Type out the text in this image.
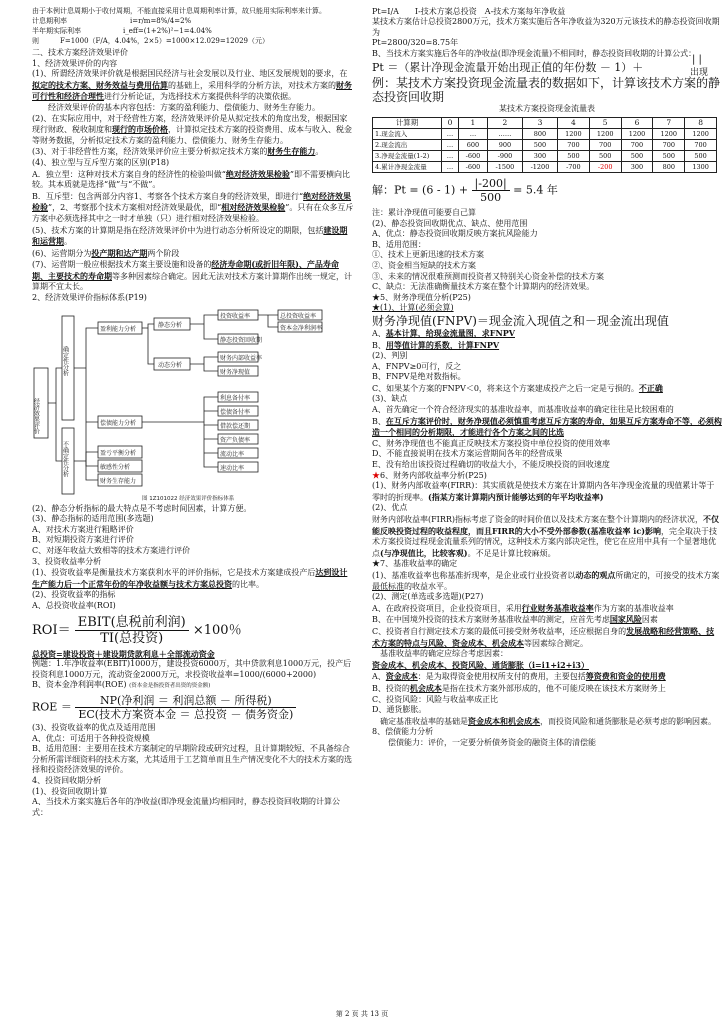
由于本例计息周期小于收付周期，不能直接采用计息周期利率计算，故只能用实际利率来计算。

计息期利率　　　　　　　　　i=r/m=8%/4=2%

半年期实际利率　　　　　　i_eff=(1+2%)²−1=4.04%

则　　　F=1000（F/A，4.04%，2×5）=1000×12.029=12029（元）

二、技术方案经济效果评价

1、经济效果评价的内容

(1)、所谓经济效果评价就是根据国民经济与社会发展以及行业、地区发展规划的要求，在拟定的技术方案、财务效益与费用估算的基础上，采用科学的分析方法，对技术方案的财务可行性和经济合理性进行分析论证，为选择技术方案提供科学的决策依据。

　　经济效果评价的基本内容包括：方案的盈利能力、偿债能力、财务生存能力。

(2)、在实际应用中，对于经营性方案，经济效果评价是从拟定技术的角度出发，根据国家现行财政、税收制度和现行的市场价格，计算拟定技术方案的投资费用、成本与收入、税金等财务数据，分析拟定技术方案的盈利能力、偿债能力、财务生存能力。

(3)、对于非经营性方案，经济效果评价应主要分析拟定技术方案的财务生存能力。

(4)、独立型与互斥型方案的区别(P18)

A．独立型：这种对技术方案自身的经济性的检验叫做“绝对经济效果检验”即不需要横向比较。其本质就是选择“做”与“不做”。

B．互斥型：包含两部分内容1、考察各个技术方案自身的经济效果，即进行“绝对经济效果检验”，2、考察那个技术方案相对经济效果最优，即“相对经济效果检验”。只有在众多互斥方案中必须选择其中之一时才单独（只）进行相对经济效果检验。

(5)、技术方案的计算期是指在经济效果评价中为进行动态分析所设定的期限，包括建设期和运营期。

(6)、运营期分为投产期和达产期两个阶段

(7)、运营期一般应根据技术方案主要设施和设备的经济寿命期(或折旧年限)、产品寿命期、主要技术的寿命期等多种因素综合确定。因此无法对技术方案计算期作出统一规定，计算期不宜太长。

2、经济效果评价指标体系(P19)

经济效果评价
确定性分析
不确定性分析
盈利能力分析
偿债能力分析
财务生存能力
盈亏平衡分析
敏感性分析
静态分析
动态分析
投资收益率
静态投资回收期
总投资收益率
资本金净利润率
财务内部收益率
财务净现值
利息备付率
偿债备付率
借款偿还期
资产负债率
流动比率
速动比率
图 1Z101022 经济效果评价指标体系

(2)、静态分析指标的最大特点是不考虑时间因素，计算方便。

(3)、静态指标的适用范围(多选题)

A、对技术方案进行粗略评价

B、对短期投资方案进行评价

C、对逐年收益大致相等的技术方案进行评价

3、投资收益率分析

(1)、投资收益率是衡量技术方案获利水平的评价指标，它是技术方案建成投产后达到设计生产能力后一个正常年份的年净收益额与技术方案总投资的比率。

(2)、投资收益率的指标

A、总投资收益率(ROI)

$ROI= \frac{\text{EBIT(息税前利润)}}{\text{TI(总投资)}} \times 100$％

总投资=建设投资＋建设期贷款利息＋全部流动资金

例题：1.年净收益率(EBIT)1000万，建设投资6000万，其中贷款利息1000万元，投产后投资利息1000万元，流动资金2000万元，求投资收益率=1000/(6000+2000)

B、资本金净利润率(ROE) (资本金是指投资者出资的资金额)

ROE ＝ $\frac{\text{NP(净利润 ＝ 利润总额 － 所得税)}}{\text{EC(技术方案资本金 ＝ 总投资 － 债务资金)}}$

(3)、投资收益率的优点及适用范围

A、优点：可适用于各种投资规模

B、适用范围：主要用在技术方案制定的早期阶段或研究过程，且计算期较短、不具备综合分析所需详细资料的技术方案，尤其适用于工艺简单而且生产情况变化不大的技术方案的选择和投资经济效果的评价。

4、投资回收期分析

(1)、投资回收期计算

A、当技术方案实施后各年的净收益(即净现金流量)均相同时，静态投资回收期的计算公式：

Pt=I/A　　I-技术方案总投资　A-技术方案每年净收益

某技术方案估计总投资2800万元，技术方案实施后各年净收益为320万元该技术的静态投资回收期为

Pt=2800/320=8.75年

B、当技术方案实施后各年的净收益(即净现金流量)不相同时，静态投资回收期的计算公式：

Pt ＝（累计净现金流量开始出现正值的年份数 － 1）＋
| |
出现

例：某技术方案投资现金流量表的数据如下，计算该技术方案的静态投资回收期

某技术方案投资现金流量表

计算期	0	1	2	3	4	5	6	7	8
1.现金流入	…	…	……	800	1200	1200	1200	1200	1200
2.现金流出	…	600	900	500	700	700	700	700	700
3.净现金流量(1-2)	…	-600	-900	300	500	500	500	500	500
4.累计净现金流量	…	-600	-1500	-1200	-700	-200	300	800	1300
解：$Pt = (6 - 1) + \frac{|-200|}{500} = 5.4$ 年

注：累计净现值可能要自己算

(2)、静态投资回收期优点、缺点、使用范围

A、优点：静态投资回收期反映方案抗风险能力

B、适用范围：

①、技术上更新迅速的技术方案

②、资金相当短缺的技术方案

③、未来的情况很难预测而投资者又特别关心资金补偿的技术方案

C、缺点：无法准确衡量技术方案在整个计算期内的经济效果。

★5、财务净现值分析(P25)

★(1)、计算(必须会算)

财务净现值(FNPV)＝现金流入现值之和－现金流出现值

A、基本计算，给现金流量图，求FNPV

B、用等值计算的系数，计算FNPV

(2)、判别

A、FNPV≥0可行，反之

B、FNPV是绝对数指标。

C、如果某个方案的FNPV＜0，将来这个方案建成投产之后一定是亏损的。不正确

(3)、缺点

A、首先确定一个符合经济现实的基准收益率，而基准收益率的确定往往是比较困难的

B、在互斥方案评价时，财务净现值必须慎重考虑互斥方案的寿命，如果互斥方案寿命不等，必须构造一个相同的分析期限，才能进行各个方案之间的比选

C、财务净现值也不能真正反映技术方案投资中单位投资的使用效率

D、不能直接说明在技术方案运营期间各年的经营成果

E、没有给出该投资过程确切的收益大小，不能反映投资的回收速度

★6、财务内部收益率分析(P25)

(1)、财务内部收益率(FIRR)：其实质就是使技术方案在计算期内各年净现金流量的现值累计等于零时的折现率。(指某方案计算期内预计能够达到的年平均收益率)

(2)、优点

财务内部收益率(FIRR)指标考虑了资金的时间价值以及技术方案在整个计算期内的经济状况，不仅能反映投资过程的收益程度，而且FIRR的大小不受外部参数(基准收益率 ic)影响，完全取决于技术方案投资过程现金流量系列的情况，这种技术方案内部决定性，使它在应用中具有一个显著地优点(与净现值比，比较客观)。不足是计算比较麻烦。

★7、基准收益率的确定

(1)、基准收益率也称基准折现率，是企业或行业投资者以动态的观点所确定的，可接受的技术方案最低标准的收益水平。

(2)、测定(单选或多选题)(P27)

A、在政府投资项目，企业投资项目，采用行业财务基准收益率作为方案的基准收益率

B、在中国境外投资的技术方案财务基准收益率的测定，应首先考虑国家风险因素

C、投资者自行测定技术方案的最低可接受财务收益率，还应根据自身的发展战略和经营策略、技术方案的特点与风险、资金成本、机会成本等因素综合测定。

　基准收益率的确定应综合考虑因素：资金成本、机会成本、投资风险、通货膨胀（i=i1+i2+i3）

A、资金成本：是为取得资金使用权所支付的费用，主要包括筹资费和资金的使用费

B、投资的机会成本是指在技术方案外部形成的，他不可能反映在该技术方案财务上

C、投资风险：风险与收益率成正比

D、通货膨胀。

　确定基准收益率的基础是资金成本和机会成本，而投资风险和通货膨胀是必须考虑的影响因素。

8、偿债能力分析

　　偿债能力：评价，一定要分析债务资金的融资主体的清偿能

第 2 页 共 13 页
